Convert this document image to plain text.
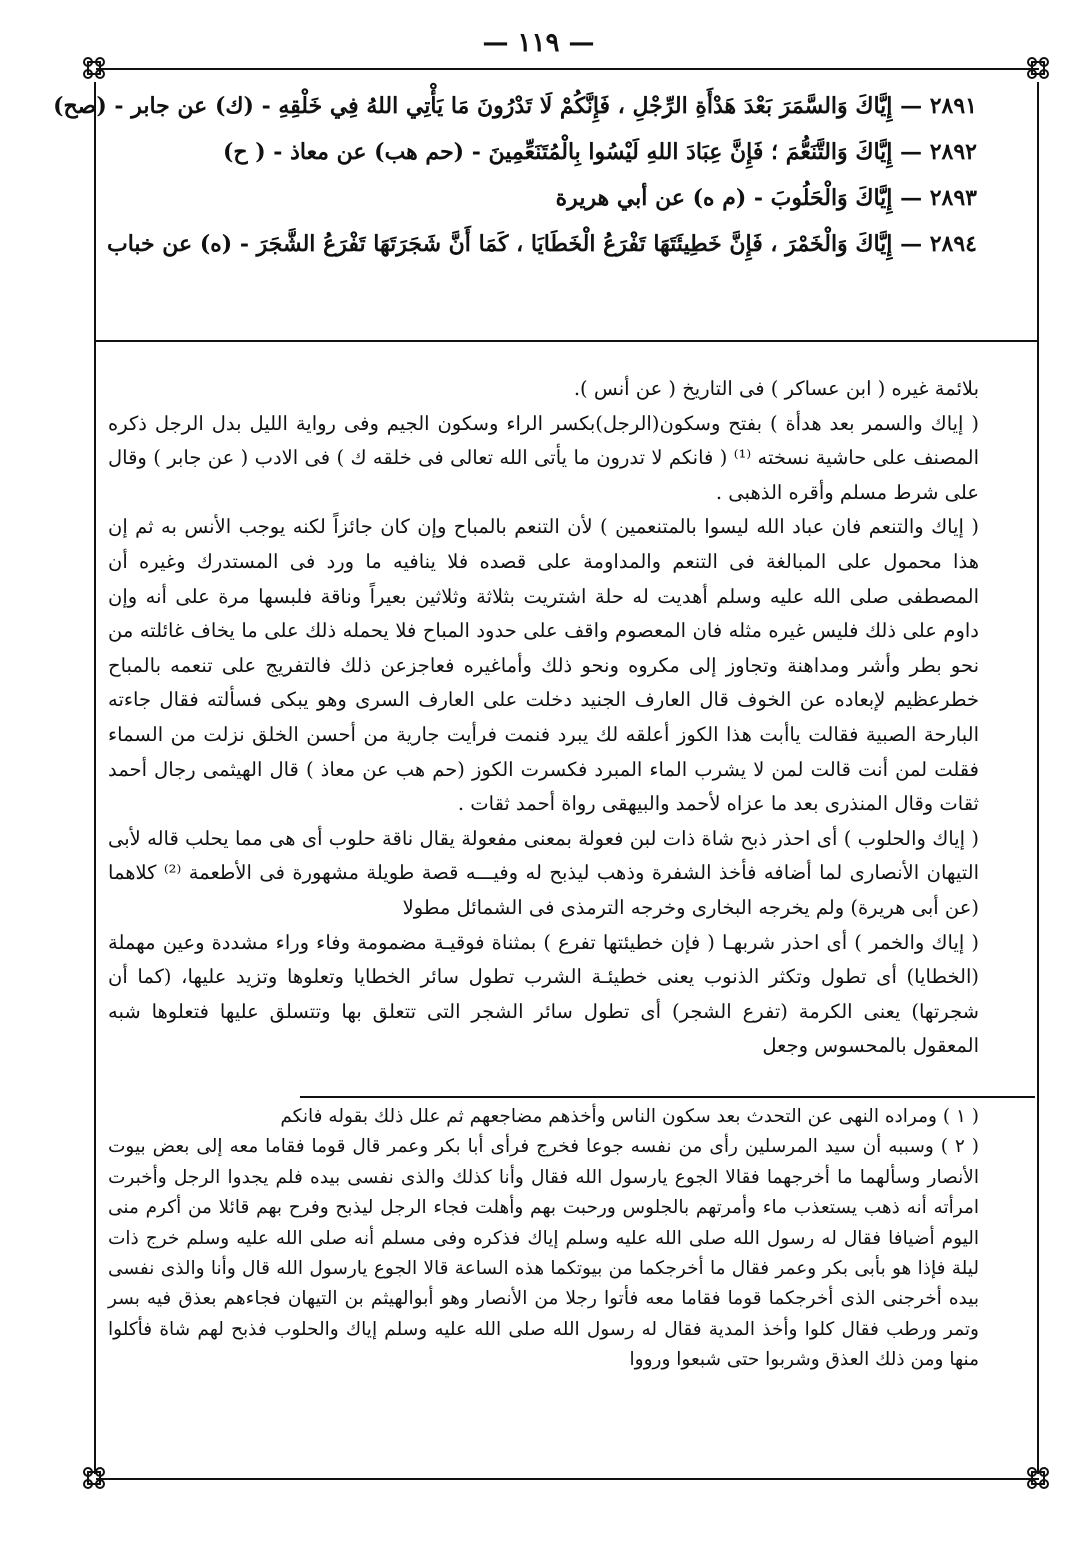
— ١١٩ —

٢٨٩١ — إِيَّاكَ وَالسَّمَرَ بَعْدَ هَدْأَةِ الرِّجْلِ ، فَإِنَّكُمْ لَا تَدْرُونَ مَا يَأْتِي اللهُ فِي خَلْقِهِ - (ك) عن جابر - (صح)

٢٨٩٢ — إِيَّاكَ وَالتَّنَعُّمَ ؛ فَإِنَّ عِبَادَ اللهِ لَيْسُوا بِالْمُتَنَعِّمِينَ - (حم هب) عن معاذ - ( ح)

٢٨٩٣ — إِيَّاكَ وَالْحَلُوبَ - (م ه) عن أبي هريرة

٢٨٩٤ — إِيَّاكَ وَالْخَمْرَ ، فَإِنَّ خَطِيئَتَهَا تَفْرَعُ الْخَطَايَا ، كَمَا أَنَّ شَجَرَتَهَا تَفْرَعُ الشَّجَرَ - (ه) عن خباب

بلائمة غيره ( ابن عساكر ) فى التاريخ ( عن أنس ).

( إياك والسمر بعد هدأة ) بفتح وسكون(الرجل)بكسر الراء وسكون الجيم وفى رواية الليل بدل الرجل ذكره المصنف على حاشية نسخته ⁽¹⁾ ( فانكم لا تدرون ما يأتى الله تعالى فى خلقه ك ) فى الادب ( عن جابر ) وقال على شرط مسلم وأقره الذهبى .

( إياك والتنعم فان عباد الله ليسوا بالمتنعمين ) لأن التنعم بالمباح وإن كان جائزاً لكنه يوجب الأنس به ثم إن هذا محمول على المبالغة فى التنعم والمداومة على قصده فلا ينافيه ما ورد فى المستدرك وغيره أن المصطفى صلى الله عليه وسلم أهديت له حلة اشتريت بثلاثة وثلاثين بعيراً وناقة فلبسها مرة على أنه وإن داوم على ذلك فليس غيره مثله فان المعصوم واقف على حدود المباح فلا يحمله ذلك على ما يخاف غائلته من نحو بطر وأشر ومداهنة وتجاوز إلى مكروه ونحو ذلك وأماغيره فعاجزعن ذلك فالتفريج على تنعمه بالمباح خطرعظيم لإبعاده عن الخوف قال العارف الجنيد دخلت على العارف السرى وهو يبكى فسألته فقال جاءته البارحة الصبية فقالت ياأبت هذا الكوز أعلقه لك يبرد فنمت فرأيت جارية من أحسن الخلق نزلت من السماء فقلت لمن أنت قالت لمن لا يشرب الماء المبرد فكسرت الكوز (حم هب عن معاذ ) قال الهيثمى رجال أحمد ثقات وقال المنذرى بعد ما عزاه لأحمد والبيهقى رواة أحمد ثقات .

( إياك والحلوب ) أى احذر ذبح شاة ذات لبن فعولة بمعنى مفعولة يقال ناقة حلوب أى هى مما يحلب قاله لأبى التيهان الأنصارى لما أضافه فأخذ الشفرة وذهب ليذبح له وفيـــه قصة طويلة مشهورة فى الأطعمة ⁽²⁾ كلاهما (عن أبى هريرة) ولم يخرجه البخارى وخرجه الترمذى فى الشمائل مطولا

( إياك والخمر ) أى احذر شربهـا ( فإن خطيئتها تفرع ) بمثناة فوقيـة مضمومة وفاء وراء مشددة وعين مهملة (الخطايا) أى تطول وتكثر الذنوب يعنى خطيئـة الشرب تطول سائر الخطايا وتعلوها وتزيد عليها، (كما أن شجرتها) يعنى الكرمة (تفرع الشجر) أى تطول سائر الشجر التى تتعلق بها وتتسلق عليها فتعلوها شبه المعقول بالمحسوس وجعل

( ١ ) ومراده النهى عن التحدث بعد سكون الناس وأخذهم مضاجعهم ثم علل ذلك بقوله فانكم

( ٢ ) وسببه أن سيد المرسلين رأى من نفسه جوعا فخرج فرأى أبا بكر وعمر قال قوما فقاما معه إلى بعض بيوت الأنصار وسألهما ما أخرجهما فقالا الجوع يارسول الله فقال وأنا كذلك والذى نفسى بيده فلم يجدوا الرجل وأخبرت امرأته أنه ذهب يستعذب ماء وأمرتهم بالجلوس ورحبت بهم وأهلت فجاء الرجل ليذبح وفرح بهم قائلا من أكرم منى اليوم أضيافا فقال له رسول الله صلى الله عليه وسلم إياك فذكره وفى مسلم أنه صلى الله عليه وسلم خرج ذات ليلة فإذا هو بأبى بكر وعمر فقال ما أخرجكما من بيوتكما هذه الساعة قالا الجوع يارسول الله قال وأنا والذى نفسى بيده أخرجنى الذى أخرجكما قوما فقاما معه فأتوا رجلا من الأنصار وهو أبوالهيثم بن التيهان فجاءهم بعذق فيه بسر وتمر ورطب فقال كلوا وأخذ المدية فقال له رسول الله صلى الله عليه وسلم إياك والحلوب فذبح لهم شاة فأكلوا منها ومن ذلك العذق وشربوا حتى شبعوا ورووا
